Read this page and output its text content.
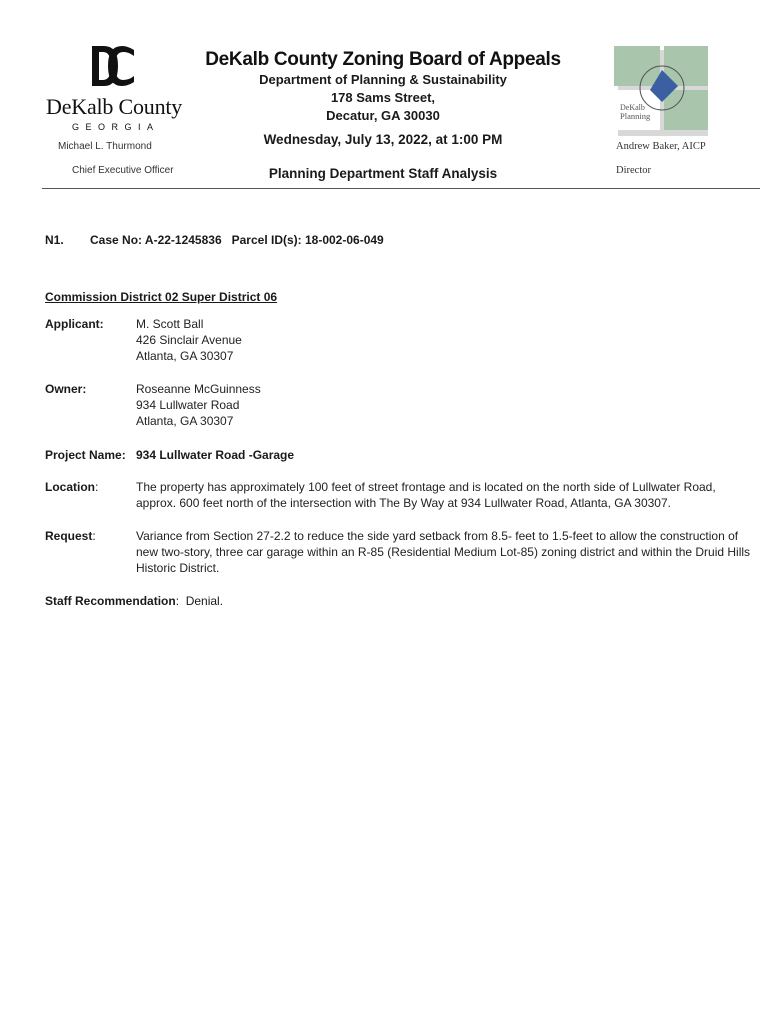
DeKalb County
GEORGIA
Michael L. Thurmond
Chief Executive Officer
DeKalb County Zoning Board of Appeals
Department of Planning & Sustainability
178 Sams Street,
Decatur, GA 30030
Wednesday, July 13, 2022, at 1:00 PM
Planning Department Staff Analysis
DeKalb
Planning
Andrew Baker, AICP
Director
N1. Case No: A-22-1245836   Parcel ID(s): 18-002-06-049
Commission District 02 Super District 06
Applicant:	M. Scott Ball
426 Sinclair Avenue
Atlanta, GA 30307
Owner:	Roseanne McGuinness
934 Lullwater Road
Atlanta, GA 30307
Project Name: 934 Lullwater Road -Garage
Location:	The property has approximately 100 feet of street frontage and is located on the north side of Lullwater Road,
approx. 600 feet north of the intersection with The By Way at 934 Lullwater Road, Atlanta, GA 30307.
Request:	Variance from Section 27-2.2 to reduce the side yard setback from 8.5- feet to 1.5-feet to allow the construction of
new two-story, three car garage within an R-85 (Residential Medium Lot-85) zoning district and within the Druid Hills
Historic District.
Staff Recommendation:  Denial.
